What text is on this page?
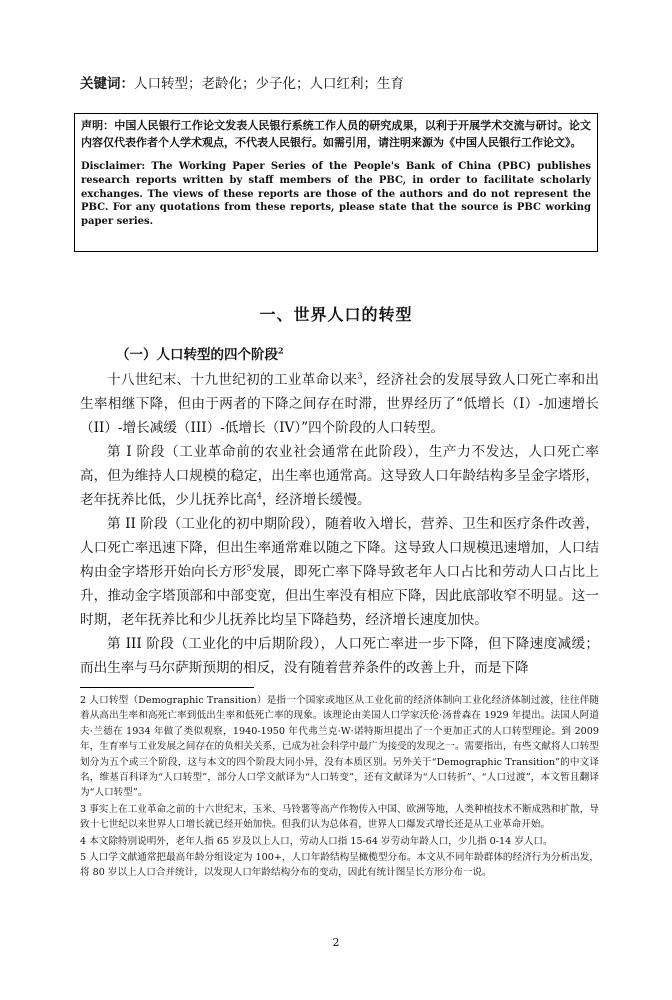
关键词：人口转型；老龄化；少子化；人口红利；生育

声明：中国人民银行工作论文发表人民银行系统工作人员的研究成果，以利于开展学术交流与研讨。论文内容仅代表作者个人学术观点，不代表人民银行。如需引用，请注明来源为《中国人民银行工作论文》。

Disclaimer: The Working Paper Series of the People's Bank of China (PBC) publishes research reports written by staff members of the PBC, in order to facilitate scholarly exchanges. The views of these reports are those of the authors and do not represent the PBC. For any quotations from these reports, please state that the source is PBC working paper series.

一、世界人口的转型
（一）人口转型的四个阶段$^2$

十八世纪末、十九世纪初的工业革命以来$^3$，经济社会的发展导致人口死亡率和出生率相继下降，但由于两者的下降之间存在时滞，世界经历了“低增长（I）-加速增长（II）-增长减缓（III）-低增长（IV）”四个阶段的人口转型。

第 I 阶段（工业革命前的农业社会通常在此阶段），生产力不发达，人口死亡率高，但为维持人口规模的稳定，出生率也通常高。这导致人口年龄结构多呈金字塔形，老年抚养比低，少儿抚养比高$^4$，经济增长缓慢。

第 II 阶段（工业化的初中期阶段），随着收入增长，营养、卫生和医疗条件改善，人口死亡率迅速下降，但出生率通常难以随之下降。这导致人口规模迅速增加，人口结构由金字塔形开始向长方形$^5$发展，即死亡率下降导致老年人口占比和劳动人口占比上升，推动金字塔顶部和中部变宽，但出生率没有相应下降，因此底部收窄不明显。这一时期，老年抚养比和少儿抚养比均呈下降趋势，经济增长速度加快。

第 III 阶段（工业化的中后期阶段），人口死亡率进一步下降，但下降速度减缓；而出生率与马尔萨斯预期的相反，没有随着营养条件的改善上升，而是下降

2 人口转型（Demographic Transition）是指一个国家或地区从工业化前的经济体制向工业化经济体制过渡，往往伴随着从高出生率和高死亡率到低出生率和低死亡率的现象。该理论由美国人口学家沃伦·汤普森在 1929 年提出。法国人阿道夫·兰德在 1934 年做了类似观察，1940-1950 年代弗兰克·W·诺特斯坦提出了一个更加正式的人口转型理论。到 2009 年，生育率与工业发展之间存在的负相关关系，已成为社会科学中最广为接受的发现之一。需要指出，有些文献将人口转型划分为五个或三个阶段，这与本文的四个阶段大同小异，没有本质区别。另外关于“Demographic Transition”的中文译名，维基百科译为“人口转型”，部分人口学文献译为“人口转变”，还有文献译为“人口转折”、“人口过渡”，本文暂且翻译为“人口转型”。

3 事实上在工业革命之前的十六世纪末，玉米、马铃薯等高产作物传入中国、欧洲等地，人类种植技术不断成熟和扩散，导致十七世纪以来世界人口增长就已经开始加快。但我们认为总体看，世界人口爆发式增长还是从工业革命开始。

4 本文除特别说明外，老年人指 65 岁及以上人口，劳动人口指 15-64 岁劳动年龄人口，少儿指 0-14 岁人口。

5 人口学文献通常把最高年龄分组设定为 100+，人口年龄结构呈橄榄型分布。本文从不同年龄群体的经济行为分析出发，将 80 岁以上人口合并统计，以发现人口年龄结构分布的变动，因此有统计图呈长方形分布一说。

2
